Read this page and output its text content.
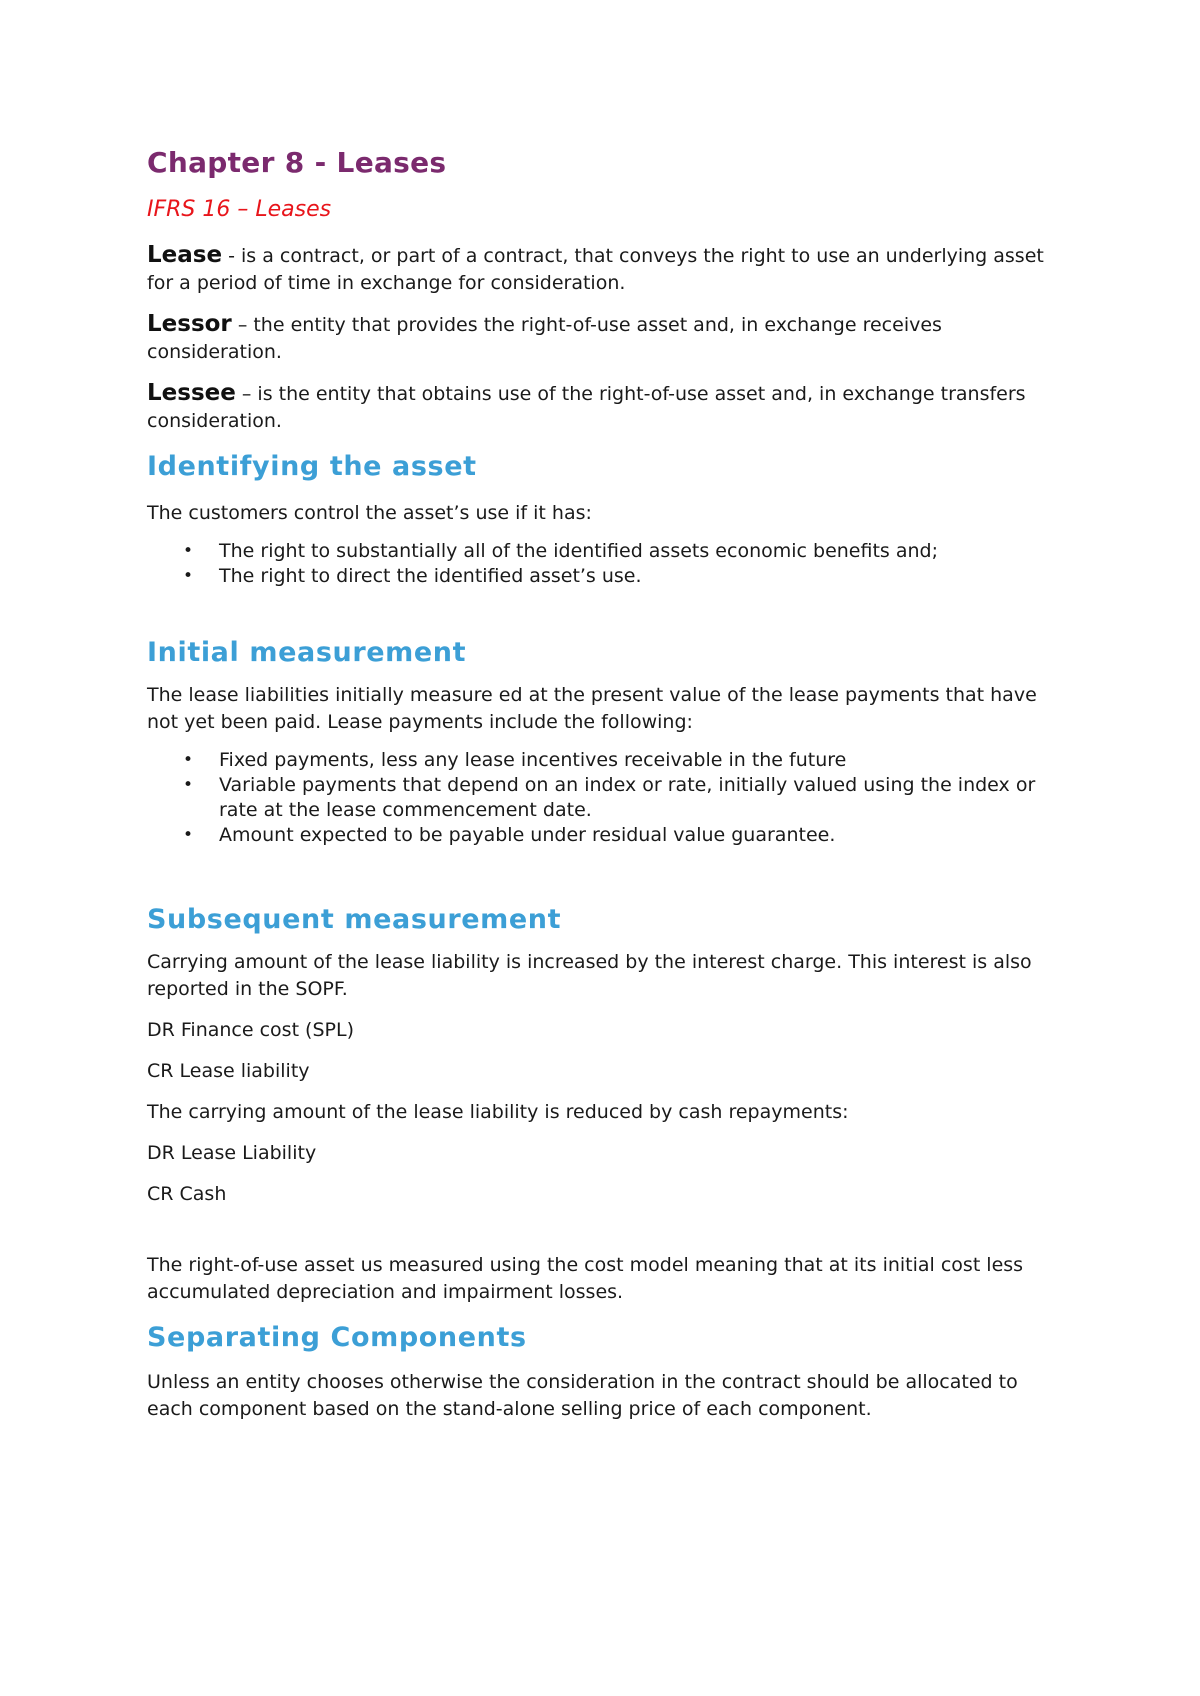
Chapter 8 - Leases
IFRS 16 – Leases

Lease - is a contract, or part of a contract, that conveys the right to use an underlying asset for a period of time in exchange for consideration.

Lessor – the entity that provides the right-of-use asset and, in exchange receives consideration.

Lessee – is the entity that obtains use of the right-of-use asset and, in exchange transfers consideration.

Identifying the asset

The customers control the asset’s use if it has:

• The right to substantially all of the identified assets economic benefits and;
• The right to direct the identified asset’s use.
Initial measurement

The lease liabilities initially measure ed at the present value of the lease payments that have not yet been paid. Lease payments include the following:

• Fixed payments, less any lease incentives receivable in the future
• Variable payments that depend on an index or rate, initially valued using the index or rate at the lease commencement date.
• Amount expected to be payable under residual value guarantee.
Subsequent measurement

Carrying amount of the lease liability is increased by the interest charge. This interest is also reported in the SOPF.

DR Finance cost (SPL)

CR Lease liability

The carrying amount of the lease liability is reduced by cash repayments:

DR Lease Liability

CR Cash

The right-of-use asset us measured using the cost model meaning that at its initial cost less accumulated depreciation and impairment losses.

Separating Components

Unless an entity chooses otherwise the consideration in the contract should be allocated to each component based on the stand-alone selling price of each component.
